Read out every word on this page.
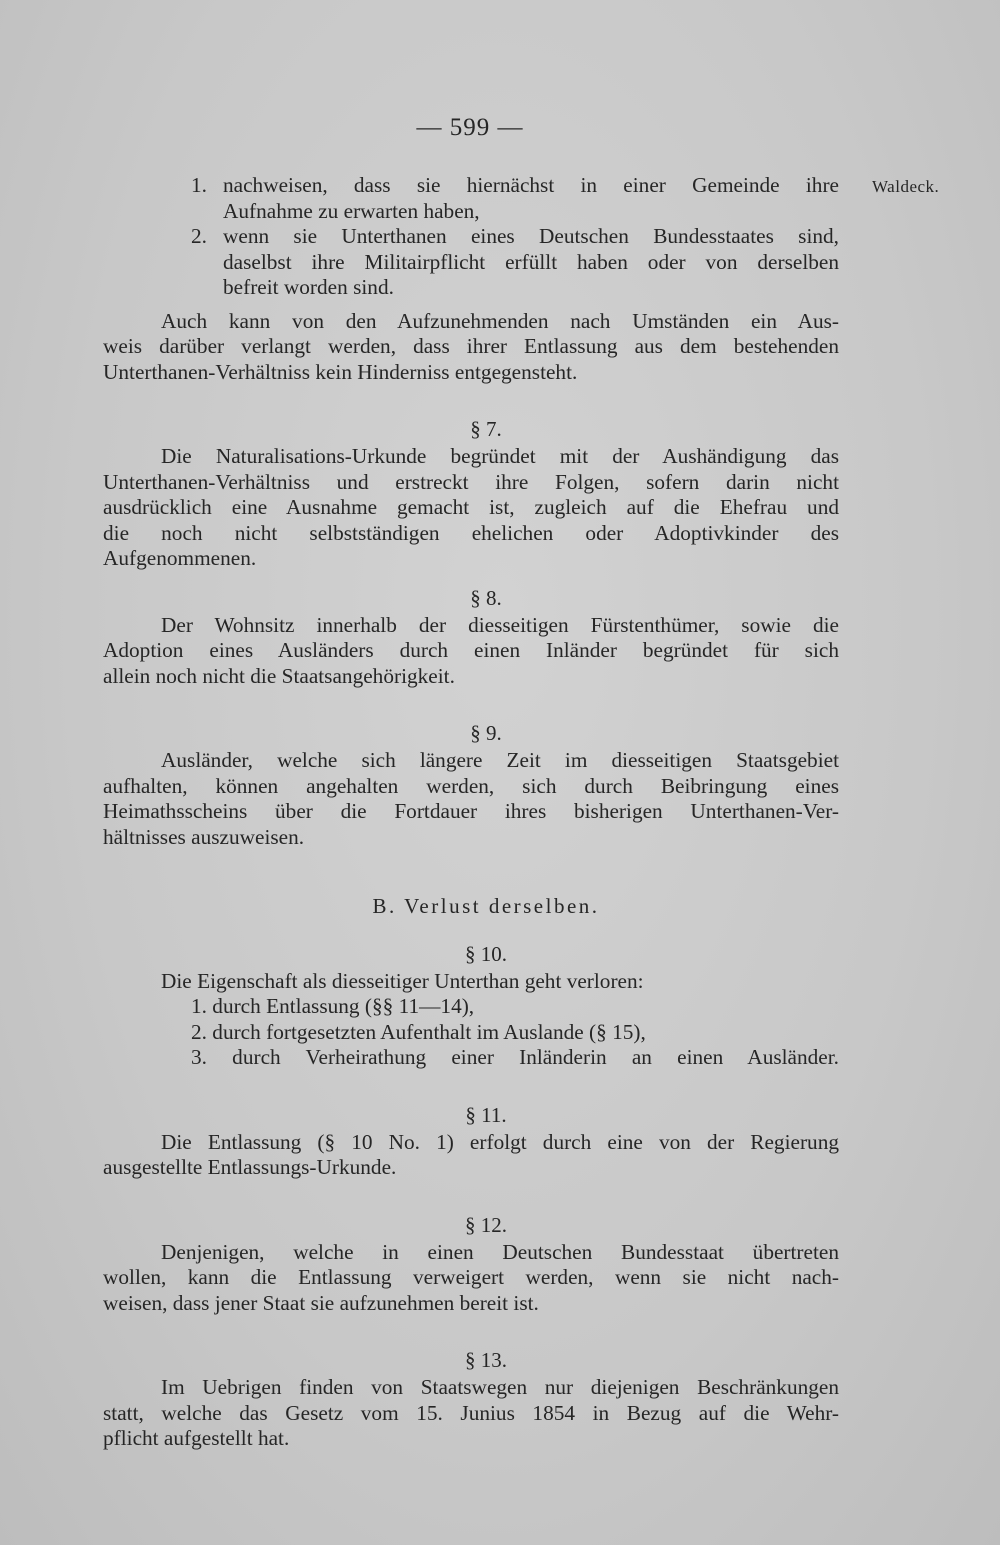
— 599 —
Waldeck.
1. nachweisen, dass sie hiernächst in einer Gemeinde ihre
Aufnahme zu erwarten haben,
2. wenn sie Unterthanen eines Deutschen Bundesstaates sind,
daselbst ihre Militairpflicht erfüllt haben oder von derselben
befreit worden sind.
Auch kann von den Aufzunehmenden nach Umständen ein Aus-
weis darüber verlangt werden, dass ihrer Entlassung aus dem bestehenden
Unterthanen-Verhältniss kein Hinderniss entgegensteht.
§ 7.
Die Naturalisations-Urkunde begründet mit der Aushändigung das
Unterthanen-Verhältniss und erstreckt ihre Folgen, sofern darin nicht
ausdrücklich eine Ausnahme gemacht ist, zugleich auf die Ehefrau und
die noch nicht selbstständigen ehelichen oder Adoptivkinder des
Aufgenommenen.
§ 8.
Der Wohnsitz innerhalb der diesseitigen Fürstenthümer, sowie die
Adoption eines Ausländers durch einen Inländer begründet für sich
allein noch nicht die Staatsangehörigkeit.
§ 9.
Ausländer, welche sich längere Zeit im diesseitigen Staatsgebiet
aufhalten, können angehalten werden, sich durch Beibringung eines
Heimathsscheins über die Fortdauer ihres bisherigen Unterthanen-Ver-
hältnisses auszuweisen.
B. Verlust derselben.
§ 10.
Die Eigenschaft als diesseitiger Unterthan geht verloren:
1. durch Entlassung (§§ 11—14),
2. durch fortgesetzten Aufenthalt im Auslande (§ 15),
3. durch Verheirathung einer Inländerin an einen Ausländer.
§ 11.
Die Entlassung (§ 10 No. 1) erfolgt durch eine von der Regierung
ausgestellte Entlassungs-Urkunde.
§ 12.
Denjenigen, welche in einen Deutschen Bundesstaat übertreten
wollen, kann die Entlassung verweigert werden, wenn sie nicht nach-
weisen, dass jener Staat sie aufzunehmen bereit ist.
§ 13.
Im Uebrigen finden von Staatswegen nur diejenigen Beschränkungen
statt, welche das Gesetz vom 15. Junius 1854 in Bezug auf die Wehr-
pflicht aufgestellt hat.
